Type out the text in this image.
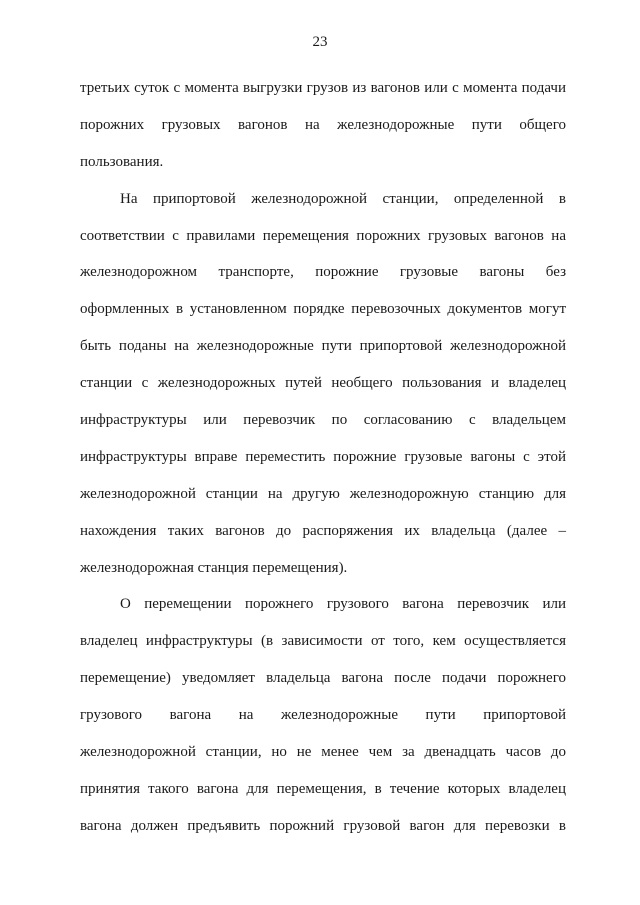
23
третьих суток с момента выгрузки грузов из вагонов или с момента подачи
порожних грузовых вагонов на железнодорожные пути общего
пользования.
На припортовой железнодорожной станции, определенной в
соответствии с правилами перемещения порожних грузовых вагонов на
железнодорожном транспорте, порожние грузовые вагоны без
оформленных в установленном порядке перевозочных документов могут
быть поданы на железнодорожные пути припортовой железнодорожной
станции с железнодорожных путей необщего пользования и владелец
инфраструктуры или перевозчик по согласованию с владельцем
инфраструктуры вправе переместить порожние грузовые вагоны с этой
железнодорожной станции на другую железнодорожную станцию для
нахождения таких вагонов до распоряжения их владельца (далее –
железнодорожная станция перемещения).
О перемещении порожнего грузового вагона перевозчик или
владелец инфраструктуры (в зависимости от того, кем осуществляется
перемещение) уведомляет владельца вагона после подачи порожнего
грузового вагона на железнодорожные пути припортовой
железнодорожной станции, но не менее чем за двенадцать часов до
принятия такого вагона для перемещения, в течение которых владелец
вагона должен предъявить порожний грузовой вагон для перевозки в
